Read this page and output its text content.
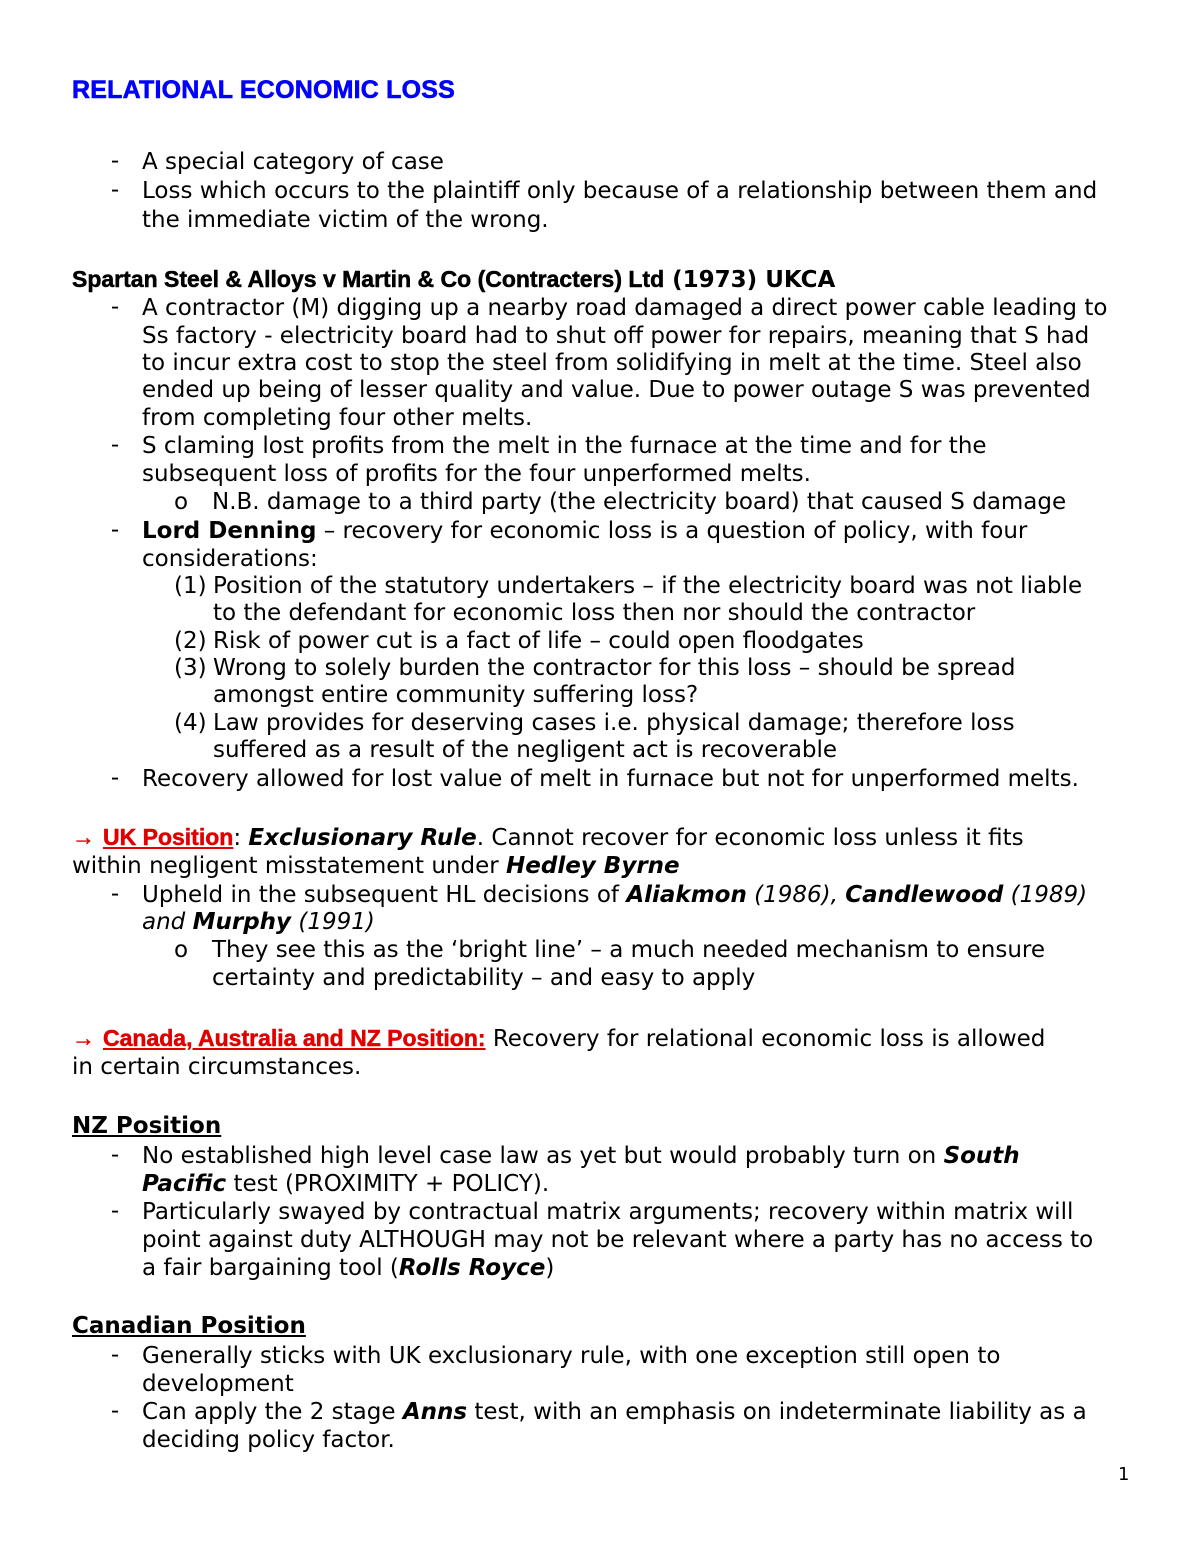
RELATIONAL ECONOMIC LOSS
- A special category of case
- Loss which occurs to the plaintiff only because of a relationship between them and
the immediate victim of the wrong.
Spartan Steel & Alloys v Martin & Co (Contracters) Ltd (1973) UKCA
- A contractor (M) digging up a nearby road damaged a direct power cable leading to
Ss factory - electricity board had to shut off power for repairs, meaning that S had
to incur extra cost to stop the steel from solidifying in melt at the time. Steel also
ended up being of lesser quality and value. Due to power outage S was prevented
from completing four other melts.
- S claming lost profits from the melt in the furnace at the time and for the
subsequent loss of profits for the four unperformed melts.
o N.B. damage to a third party (the electricity board) that caused S damage
- Lord Denning – recovery for economic loss is a question of policy, with four
considerations:
(1) Position of the statutory undertakers – if the electricity board was not liable
to the defendant for economic loss then nor should the contractor
(2) Risk of power cut is a fact of life – could open floodgates
(3) Wrong to solely burden the contractor for this loss – should be spread
amongst entire community suffering loss?
(4) Law provides for deserving cases i.e. physical damage; therefore loss
suffered as a result of the negligent act is recoverable
- Recovery allowed for lost value of melt in furnace but not for unperformed melts.
→ UK Position: Exclusionary Rule. Cannot recover for economic loss unless it fits
within negligent misstatement under Hedley Byrne
- Upheld in the subsequent HL decisions of Aliakmon (1986), Candlewood (1989)
and Murphy (1991)
o They see this as the ‘bright line’ – a much needed mechanism to ensure
certainty and predictability – and easy to apply
→ Canada, Australia and NZ Position: Recovery for relational economic loss is allowed
in certain circumstances.
NZ Position
- No established high level case law as yet but would probably turn on South
Pacific test (PROXIMITY + POLICY).
- Particularly swayed by contractual matrix arguments; recovery within matrix will
point against duty ALTHOUGH may not be relevant where a party has no access to
a fair bargaining tool (Rolls Royce)
Canadian Position
- Generally sticks with UK exclusionary rule, with one exception still open to
development
- Can apply the 2 stage Anns test, with an emphasis on indeterminate liability as a
deciding policy factor.
1
